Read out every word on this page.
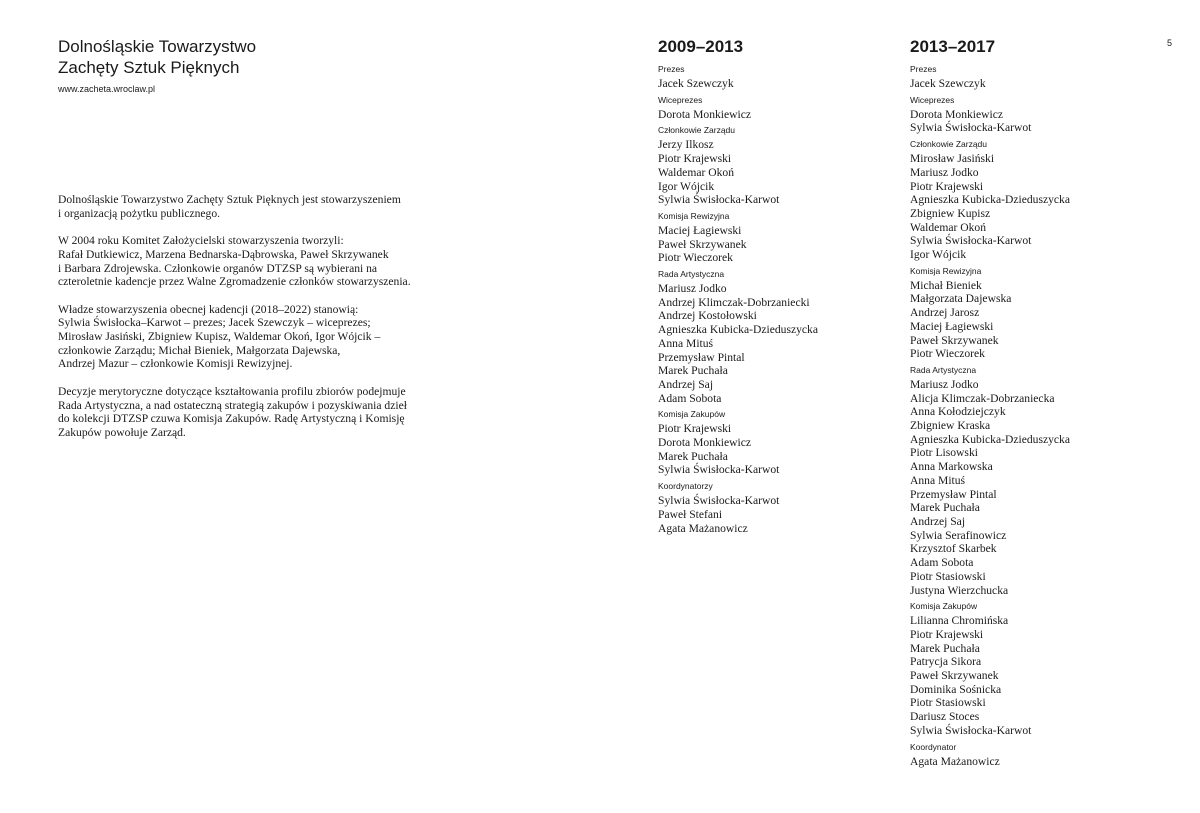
Dolnośląskie Towarzystwo
Zachęty Sztuk Pięknych
www.zacheta.wroclaw.pl

Dolnośląskie Towarzystwo Zachęty Sztuk Pięknych jest stowarzyszeniem
i organizacją pożytku publicznego.

W 2004 roku Komitet Założycielski stowarzyszenia tworzyli:
Rafał Dutkiewicz, Marzena Bednarska-Dąbrowska, Paweł Skrzywanek
i Barbara Zdrojewska. Członkowie organów DTZSP są wybierani na
czteroletnie kadencje przez Walne Zgromadzenie członków stowarzyszenia.

Władze stowarzyszenia obecnej kadencji (2018–2022) stanowią:
Sylwia Świsłocka–Karwot – prezes; Jacek Szewczyk – wiceprezes;
Mirosław Jasiński, Zbigniew Kupisz, Waldemar Okoń, Igor Wójcik –
członkowie Zarządu; Michał Bieniek, Małgorzata Dajewska,
Andrzej Mazur – członkowie Komisji Rewizyjnej.

Decyzje merytoryczne dotyczące kształtowania profilu zbiorów podejmuje
Rada Artystyczna, a nad ostateczną strategią zakupów i pozyskiwania dzieł
do kolekcji DTZSP czuwa Komisja Zakupów. Radę Artystyczną i Komisję
Zakupów powołuje Zarząd.

2009–2013
Prezes
Jacek Szewczyk
Wiceprezes
Dorota Monkiewicz
Członkowie Zarządu
Jerzy Ilkosz
Piotr Krajewski
Waldemar Okoń
Igor Wójcik
Sylwia Świsłocka-Karwot
Komisja Rewizyjna
Maciej Łagiewski
Paweł Skrzywanek
Piotr Wieczorek
Rada Artystyczna
Mariusz Jodko
Andrzej Klimczak-Dobrzaniecki
Andrzej Kostołowski
Agnieszka Kubicka-Dzieduszycka
Anna Mituś
Przemysław Pintal
Marek Puchała
Andrzej Saj
Adam Sobota
Komisja Zakupów
Piotr Krajewski
Dorota Monkiewicz
Marek Puchała
Sylwia Świsłocka-Karwot
Koordynatorzy
Sylwia Świsłocka-Karwot
Paweł Stefani
Agata Mażanowicz
2013–2017
Prezes
Jacek Szewczyk
Wiceprezes
Dorota Monkiewicz
Sylwia Świsłocka-Karwot
Członkowie Zarządu
Mirosław Jasiński
Mariusz Jodko
Piotr Krajewski
Agnieszka Kubicka-Dzieduszycka
Zbigniew Kupisz
Waldemar Okoń
Sylwia Świsłocka-Karwot
Igor Wójcik
Komisja Rewizyjna
Michał Bieniek
Małgorzata Dajewska
Andrzej Jarosz
Maciej Łagiewski
Paweł Skrzywanek
Piotr Wieczorek
Rada Artystyczna
Mariusz Jodko
Alicja Klimczak-Dobrzaniecka
Anna Kołodziejczyk
Zbigniew Kraska
Agnieszka Kubicka-Dzieduszycka
Piotr Lisowski
Anna Markowska
Anna Mituś
Przemysław Pintal
Marek Puchała
Andrzej Saj
Sylwia Serafinowicz
Krzysztof Skarbek
Adam Sobota
Piotr Stasiowski
Justyna Wierzchucka
Komisja Zakupów
Lilianna Chromińska
Piotr Krajewski
Marek Puchała
Patrycja Sikora
Paweł Skrzywanek
Dominika Sośnicka
Piotr Stasiowski
Dariusz Stoces
Sylwia Świsłocka-Karwot
Koordynator
Agata Mażanowicz
5
